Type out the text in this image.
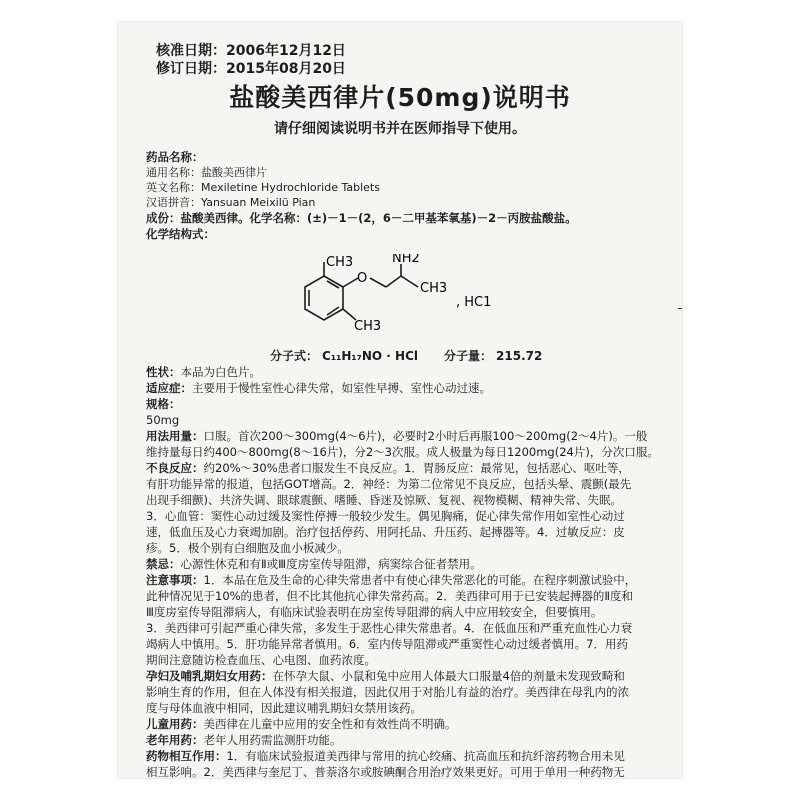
核准日期：2006年12月12日
修订日期：2015年08月20日
盐酸美西律片(50mg)说明书
请仔细阅读说明书并在医师指导下使用。
药品名称：
通用名称：盐酸美西律片
英文名称：Mexiletine Hydrochloride Tablets
汉语拼音：Yansuan Meixilü Pian
成份：盐酸美西律。化学名称：(±)－1－(2，6－二甲基苯氧基)－2－丙胺盐酸盐。
化学结构式：
CH3
O
NH2
CH3
CH3
, HC1
分子式： C₁₁H₁₇NO · HCl 分子量： 215.72
性状：本品为白色片。
适应症：主要用于慢性室性心律失常，如室性早搏、室性心动过速。
规格：
50mg
用法用量：口服。首次200～300mg(4～6片)，必要时2小时后再服100～200mg(2～4片)。一般
维持量每日约400～800mg(8～16片)，分2～3次服。成人极量为每日1200mg(24片)，分次口服。
不良反应：约20%～30%患者口服发生不良反应。1．胃肠反应：最常见，包括恶心、呕吐等，
有肝功能异常的报道，包括GOT增高。2．神经：为第二位常见不良反应，包括头晕、震颤(最先
出现手细颤)、共济失调、眼球震颤、嗜睡、昏迷及惊厥、复视、视物模糊、精神失常、失眠。
3．心血管：窦性心动过缓及窦性停搏一般较少发生。偶见胸痛，促心律失常作用如室性心动过
速，低血压及心力衰竭加剧。治疗包括停药、用阿托品、升压药、起搏器等。4．过敏反应：皮
疹。5．极个别有白细胞及血小板减少。
禁忌：心源性休克和有Ⅱ或Ⅲ度房室传导阻滞，病窦综合征者禁用。
注意事项：1．本品在危及生命的心律失常患者中有使心律失常恶化的可能。在程序刺激试验中，
此种情况见于10%的患者，但不比其他抗心律失常药高。2．美西律可用于已安装起搏器的Ⅱ度和
Ⅲ度房室传导阻滞病人，有临床试验表明在房室传导阻滞的病人中应用较安全，但要慎用。
3．美西律可引起严重心律失常，多发生于恶性心律失常患者。4．在低血压和严重充血性心力衰
竭病人中慎用。5．肝功能异常者慎用。6．室内传导阻滞或严重窦性心动过缓者慎用。7．用药
期间注意随访检查血压、心电图、血药浓度。
孕妇及哺乳期妇女用药：在怀孕大鼠、小鼠和兔中应用人体最大口服量4倍的剂量未发现致畸和
影响生育的作用，但在人体没有相关报道，因此仅用于对胎儿有益的治疗。美西律在母乳内的浓
度与母体血液中相同，因此建议哺乳期妇女禁用该药。
儿童用药：美西律在儿童中应用的安全性和有效性尚不明确。
老年用药：老年人用药需监测肝功能。
药物相互作用：1．有临床试验报道美西律与常用的抗心绞痛、抗高血压和抗纤溶药物合用未见
相互影响。2．美西律与奎尼丁、普萘洛尔或胺碘酮合用治疗效果更好。可用于单用一种药物无
